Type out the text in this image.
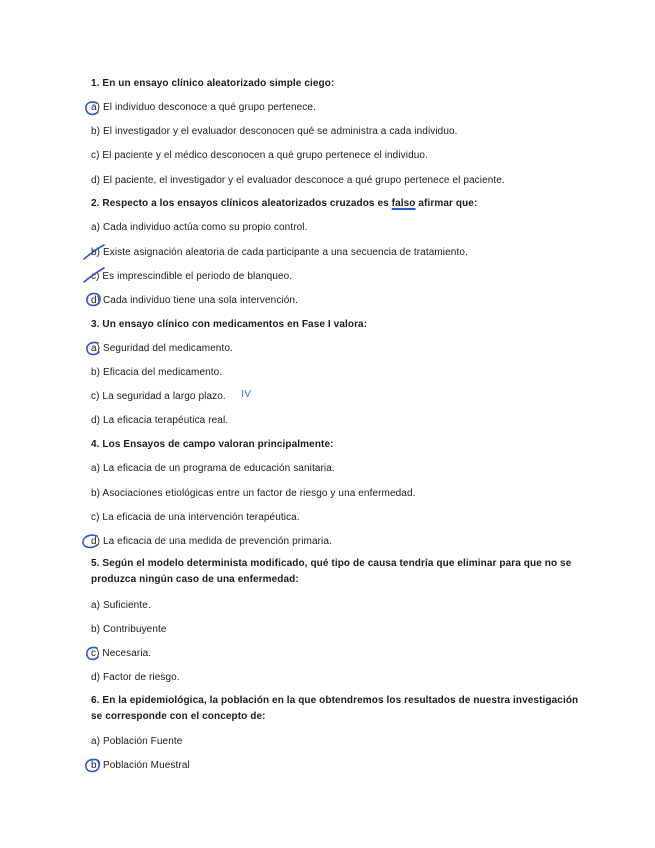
1. En un ensayo clínico aleatorizado simple ciego:
a) El individuo desconoce a qué grupo pertenece.
b) El investigador y el evaluador desconocen qué se administra a cada individuo.
c) El paciente y el médico desconocen a qué grupo pertenece el individuo.
d) El paciente, el investigador y el evaluador desconoce a qué grupo pertenece el paciente.
2. Respecto a los ensayos clínicos aleatorizados cruzados es falso afirmar que:
a) Cada individuo actúa como su propio control.
b) Existe asignación aleatoria de cada participante a una secuencia de tratamiento.
c) Es imprescindible el periodo de blanqueo.
d) Cada individuo tiene una sola intervención.
3. Un ensayo clínico con medicamentos en Fase I valora:
a) Seguridad del medicamento.
b) Eficacia del medicamento.
c) La seguridad a largo plazo. IV
d) La eficacia terapéutica real.
4. Los Ensayos de campo valoran principalmente:
a) La eficacia de un programa de educación sanitaria.
b) Asociaciones etiológicas entre un factor de riesgo y una enfermedad.
c) La eficacia de una intervención terapéutica.
d) La eficacia de una medida de prevención primaria.
5. Según el modelo determinista modificado, qué tipo de causa tendría que eliminar para que no se produzca ningún caso de una enfermedad:
a) Suficiente.
b) Contribuyente
c) Necesaria.
d) Factor de riesgo.
6. En la epidemiológica, la población en la que obtendremos los resultados de nuestra investigación se corresponde con el concepto de:
a) Población Fuente
b) Población Muestral
